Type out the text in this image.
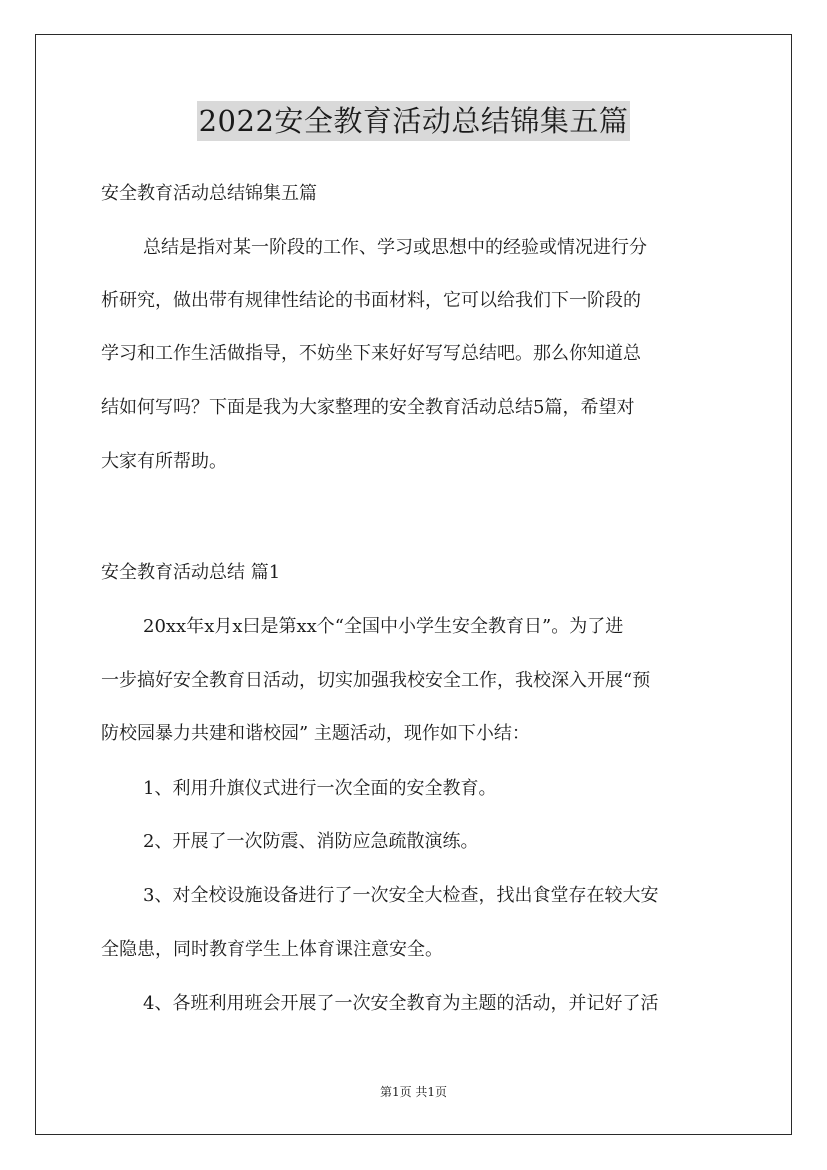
2022安全教育活动总结锦集五篇
安全教育活动总结锦集五篇
总结是指对某一阶段的工作、学习或思想中的经验或情况进行分
析研究，做出带有规律性结论的书面材料，它可以给我们下一阶段的
学习和工作生活做指导，不妨坐下来好好写写总结吧。那么你知道总
结如何写吗？下面是我为大家整理的安全教育活动总结5篇，希望对
大家有所帮助。
安全教育活动总结 篇1
20xx年x月x曰是第xx个“全国中小学生安全教育日”。为了进
一步搞好安全教育日活动，切实加强我校安全工作，我校深入开展“预
防校园暴力共建和谐校园” 主题活动，现作如下小结：
1、利用升旗仪式进行一次全面的安全教育。
2、开展了一次防震、消防应急疏散演练。
3、对全校设施设备进行了一次安全大检查，找出食堂存在较大安
全隐患，同时教育学生上体育课注意安全。
4、各班利用班会开展了一次安全教育为主题的活动，并记好了活
第1页 共1页
